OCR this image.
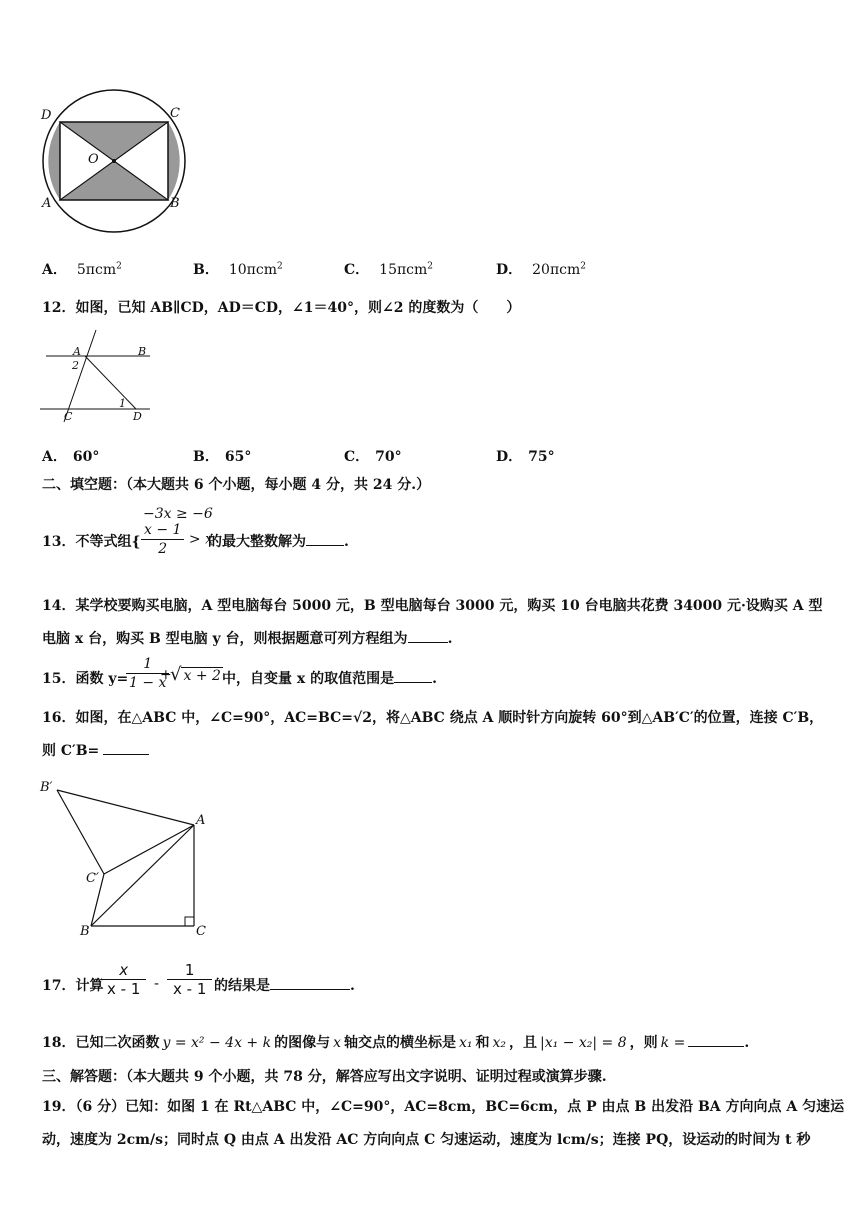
D	C
O
A	B
A． 5πcm$^2$	B． 10πcm$^2$	C． 15πcm$^2$	D． 20πcm$^2$
12．如图，已知 AB∥CD，AD＝CD，∠1＝40°，则∠2 的度数为（　　）
A	B
2
1
C	D
A． 60°	B． 65°	C． 70°	D． 75°
二、填空题：（本大题共 6 个小题，每小题 4 分，共 24 分.）
−3x ≥ −6
13．不等式组{ $\frac{x - 1}{2} > x$
的最大整数解为	.
14．某学校要购买电脑，A 型电脑每台 5000 元，B 型电脑每台 3000 元，购买 10 台电脑共花费 34000 元·设购买 A 型
电脑 x 台，购买 B 型电脑 y 台，则根据题意可列方程组为	.
15．函数 y=
$\frac{1}{1 - x}$
+
√ x + 2 中，自变量 x 的取值范围是	.
16．如图，在△ABC 中，∠C=90°，AC=BC=√2，将△ABC 绕点 A 顺时针方向旋转 60°到△AB′C′的位置，连接 C′B，
则 C′B=
B′
A
C′
B	C
17．计算
$\frac{x}{x - 1} - \frac{1}{x - 1}$ 的结果是	.
18．已知二次函数 y = x² − 4x + k 的图像与 x 轴交点的横坐标是 x₁ 和 x₂ ，且 |x₁ − x₂| = 8 ，则 k =	.
三、解答题：（本大题共 9 个小题，共 78 分，解答应写出文字说明、证明过程或演算步骤.
19．（6 分）已知：如图 1 在 Rt△ABC 中，∠C=90°，AC=8cm，BC=6cm，点 P 由点 B 出发沿 BA 方向向点 A 匀速运
动，速度为 2cm/s；同时点 Q 由点 A 出发沿 AC 方向向点 C 匀速运动，速度为 lcm/s；连接 PQ，设运动的时间为 t 秒
